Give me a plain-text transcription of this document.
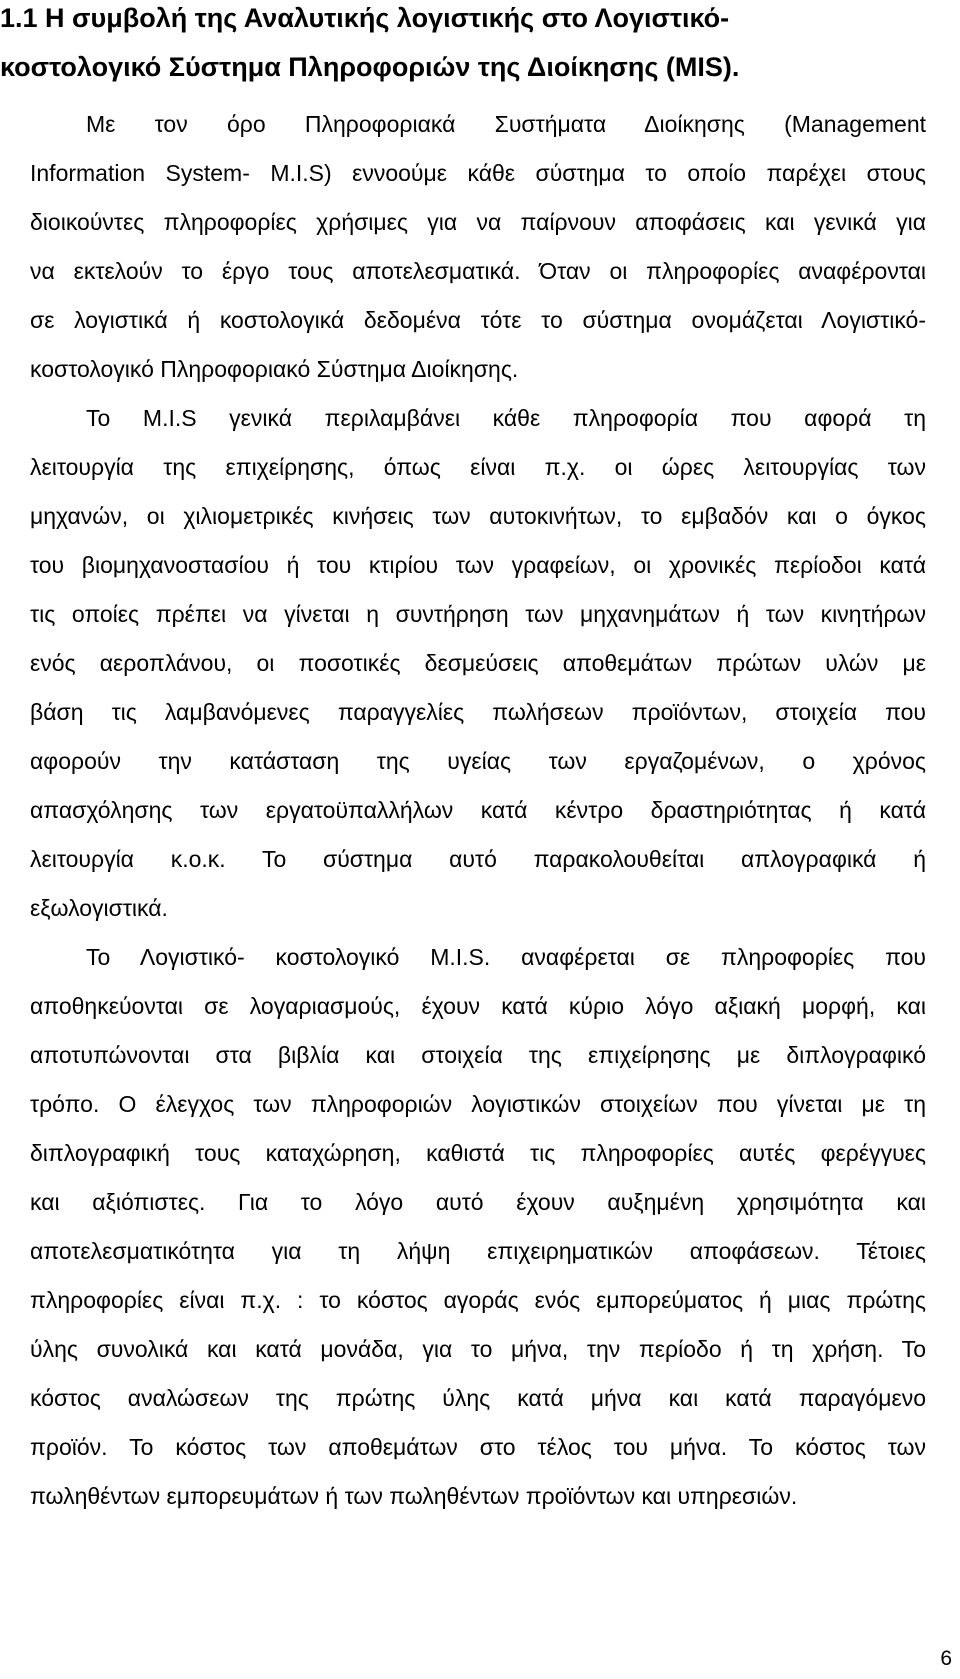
1.1 Η συμβολή της Αναλυτικής λογιστικής στο Λογιστικό-
κοστολογικό Σύστημα Πληροφοριών της Διοίκησης (MIS).
Με τον όρο Πληροφοριακά Συστήματα Διοίκησης (Management
Information System- M.I.S) εννοούμε κάθε σύστημα το οποίο παρέχει στους
διοικούντες πληροφορίες χρήσιμες για να παίρνουν αποφάσεις και γενικά για
να εκτελούν το έργο τους αποτελεσματικά. Όταν οι πληροφορίες αναφέρονται
σε λογιστικά ή κοστολογικά δεδομένα τότε το σύστημα ονομάζεται Λογιστικό-
κοστολογικό Πληροφοριακό Σύστημα Διοίκησης.
Το M.I.S γενικά περιλαμβάνει κάθε πληροφορία που αφορά τη
λειτουργία της επιχείρησης, όπως είναι π.χ. οι ώρες λειτουργίας των
μηχανών, οι χιλιομετρικές κινήσεις των αυτοκινήτων, το εμβαδόν και ο όγκος
του βιομηχανοστασίου ή του κτιρίου των γραφείων, οι χρονικές περίοδοι κατά
τις οποίες πρέπει να γίνεται η συντήρηση των μηχανημάτων ή των κινητήρων
ενός αεροπλάνου, οι ποσοτικές δεσμεύσεις αποθεμάτων πρώτων υλών με
βάση τις λαμβανόμενες παραγγελίες πωλήσεων προϊόντων, στοιχεία που
αφορούν την κατάσταση της υγείας των εργαζομένων, ο χρόνος
απασχόλησης των εργατοϋπαλλήλων κατά κέντρο δραστηριότητας ή κατά
λειτουργία κ.ο.κ. Το σύστημα αυτό παρακολουθείται απλογραφικά ή
εξωλογιστικά.
Το Λογιστικό- κοστολογικό M.I.S. αναφέρεται σε πληροφορίες που
αποθηκεύονται σε λογαριασμούς, έχουν κατά κύριο λόγο αξιακή μορφή, και
αποτυπώνονται στα βιβλία και στοιχεία της επιχείρησης με διπλογραφικό
τρόπο. Ο έλεγχος των πληροφοριών λογιστικών στοιχείων που γίνεται με τη
διπλογραφική τους καταχώρηση, καθιστά τις πληροφορίες αυτές φερέγγυες
και αξιόπιστες. Για το λόγο αυτό έχουν αυξημένη χρησιμότητα και
αποτελεσματικότητα για τη λήψη επιχειρηματικών αποφάσεων. Τέτοιες
πληροφορίες είναι π.χ. : το κόστος αγοράς ενός εμπορεύματος ή μιας πρώτης
ύλης συνολικά και κατά μονάδα, για το μήνα, την περίοδο ή τη χρήση. Το
κόστος αναλώσεων της πρώτης ύλης κατά μήνα και κατά παραγόμενο
προϊόν. Το κόστος των αποθεμάτων στο τέλος του μήνα. Το κόστος των
πωληθέντων εμπορευμάτων ή των πωληθέντων προϊόντων και υπηρεσιών.
6
